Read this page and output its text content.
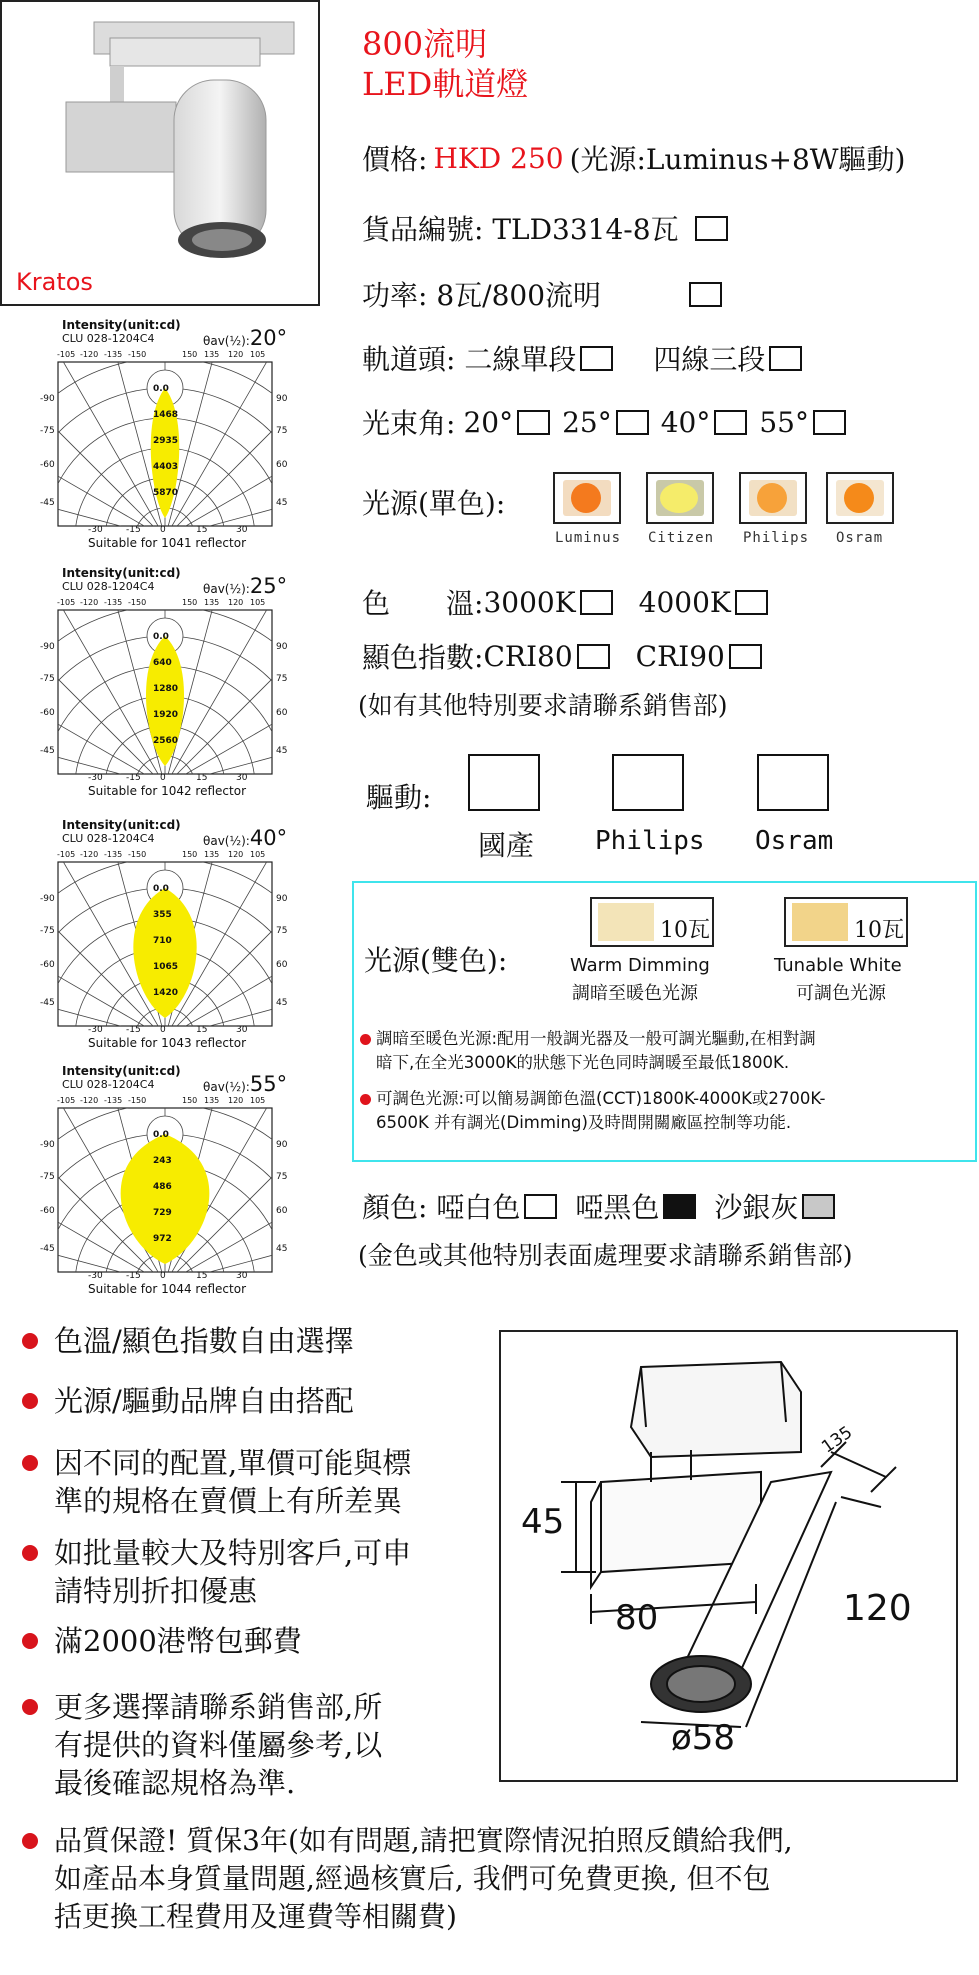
Kratos
Intensity(unit:cd)
CLU 028-1204C4	θav(½):20°
Suitable for 1041 reflector
0.0
1468
2935
4403
5870
-105 -120 -135 -150	150 135 120 105
-90
-75
-60
-45
90
75
60
45
-30	-15 0	15	30
Intensity(unit:cd)
CLU 028-1204C4	θav(½):25°
Suitable for 1042 reflector
0.0
640
1280
1920
2560
-105 -120 -135 -150	150 135 120 105
-90
-75
-60
-45
90
75
60
45
-30	-15 0	15	30
Intensity(unit:cd)
CLU 028-1204C4	θav(½):40°
Suitable for 1043 reflector
0.0
355
710
1065
1420
-105 -120 -135 -150	150 135 120 105
-90
-75
-60
-45
90
75
60
45
-30	-15 0	15	30
Intensity(unit:cd)
CLU 028-1204C4	θav(½):55°
Suitable for 1044 reflector
0.0
243
486
729
972
-105 -120 -135 -150	150 135 120 105
-90
-75
-60
-45
90
75
60
45
-30	-15 0	15	30
800流明
LED軌道燈
價格: HKD 250 (光源:Luminus+8W驅動)
貨品編號: TLD3314-8瓦
功率: 8瓦/800流明
軌道頭: 二線單段	四線三段
光束角: 20° 25° 40° 55°
光源(單色):
Luminus Citizen Philips Osram
色　　溫: 3000K 4000K
顯色指數: CRI80 CRI90
(如有其他特別要求請聯系銷售部)
驅動:
國產 Philips Osram
光源(雙色):
10瓦	10瓦
Warm Dimming
調暗至暖色光源
Tunable White
可調色光源
調暗至暖色光源:配用一般調光器及一般可調光驅動,在相對調
暗下,在全光3000K的狀態下光色同時調暖至最低1800K.
可調色光源:可以簡易調節色溫(CCT)1800K-4000K或2700K-
6500K 并有調光(Dimming)及時間開關廠區控制等功能.
顏色: 啞白色 啞黑色 沙銀灰
(金色或其他特別表面處理要求請聯系銷售部)
色溫/顯色指數自由選擇
光源/驅動品牌自由搭配
因不同的配置,單價可能與標
準的規格在賣價上有所差異
如批量較大及特別客戶,可申
請特別折扣優惠
滿2000港幣包郵費
更多選擇請聯系銷售部,所
有提供的資料僅屬參考,以
最後確認規格為準.
45
80
135
120
ø58
品質保證! 質保3年(如有問題,請把實際情況拍照反饋給我們,
如產品本身質量問題,經過核實后, 我們可免費更換, 但不包
括更換工程費用及運費等相關費)
